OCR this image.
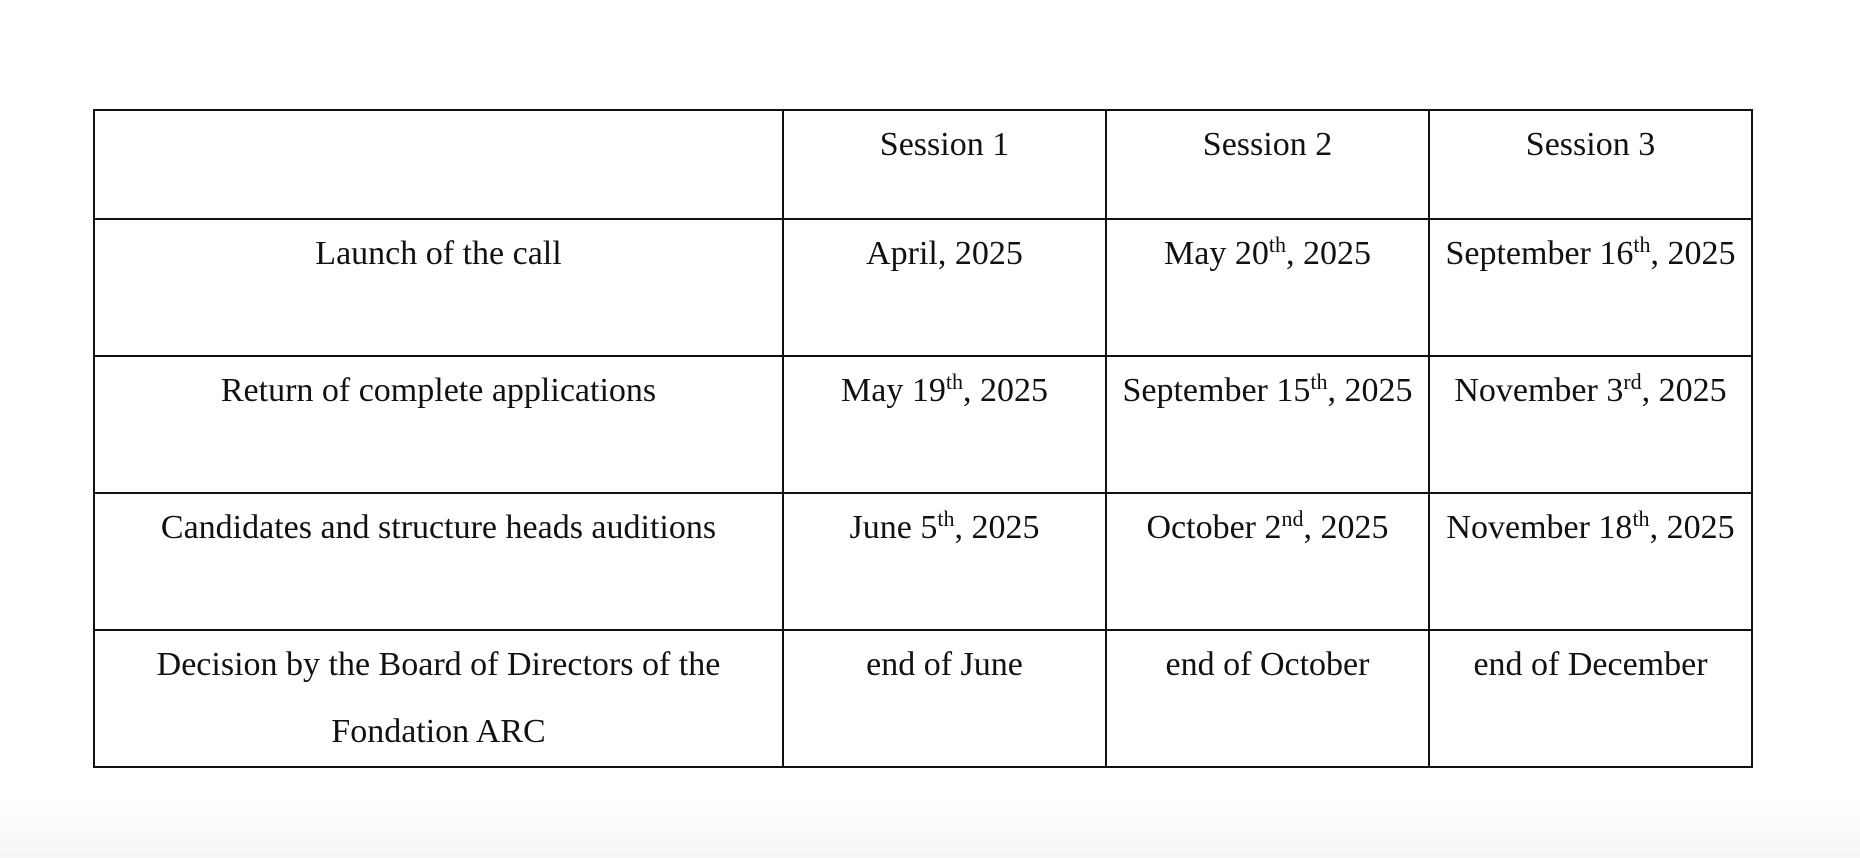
	Session 1	Session 2	Session 3
Launch of the call	April, 2025	May 20th, 2025	September 16th, 2025
Return of complete applications	May 19th, 2025	September 15th, 2025	November 3rd, 2025
Candidates and structure heads auditions	June 5th, 2025	October 2nd, 2025	November 18th, 2025
Decision by the Board of Directors of the Fondation ARC	end of June	end of October	end of December
